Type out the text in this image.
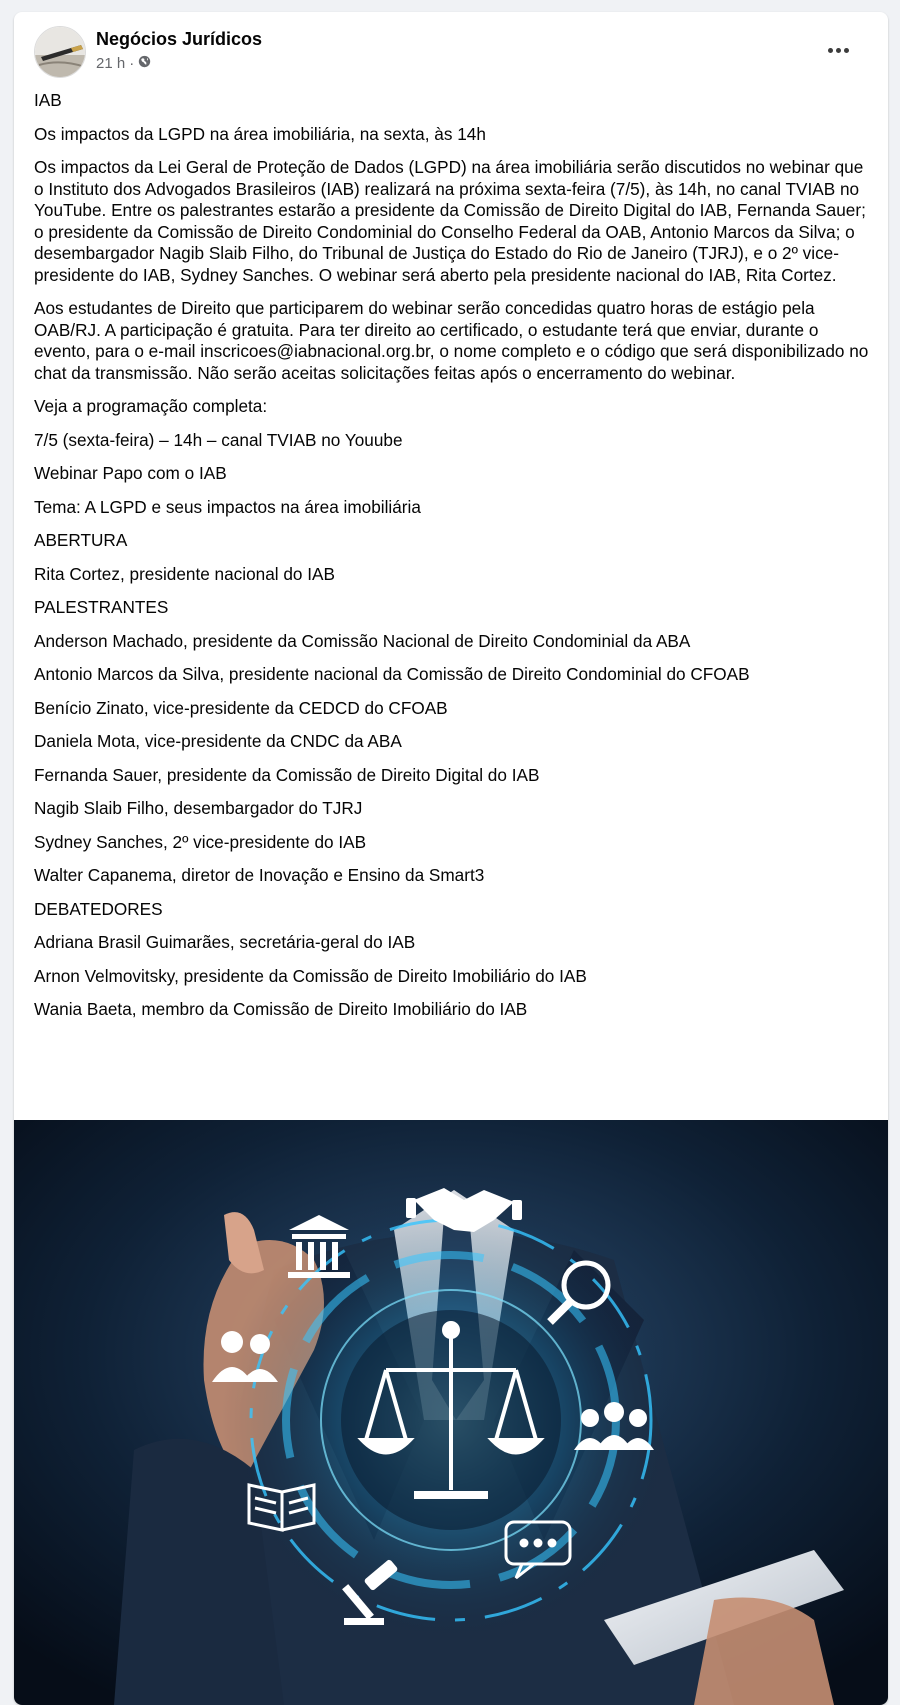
Negócios Jurídicos
21 h ·

IAB

Os impactos da LGPD na área imobiliária, na sexta, às 14h

Os impactos da Lei Geral de Proteção de Dados (LGPD) na área imobiliária serão discutidos no webinar que o Instituto dos Advogados Brasileiros (IAB) realizará na próxima sexta-feira (7/5), às 14h, no canal TVIAB no YouTube. Entre os palestrantes estarão a presidente da Comissão de Direito Digital do IAB, Fernanda Sauer; o presidente da Comissão de Direito Condominial do Conselho Federal da OAB, Antonio Marcos da Silva; o desembargador Nagib Slaib Filho, do Tribunal de Justiça do Estado do Rio de Janeiro (TJRJ), e o 2º vice-presidente do IAB, Sydney Sanches. O webinar será aberto pela presidente nacional do IAB, Rita Cortez.

Aos estudantes de Direito que participarem do webinar serão concedidas quatro horas de estágio pela OAB/RJ. A participação é gratuita. Para ter direito ao certificado, o estudante terá que enviar, durante o evento, para o e-mail inscricoes@iabnacional.org.br, o nome completo e o código que será disponibilizado no chat da transmissão. Não serão aceitas solicitações feitas após o encerramento do webinar.

Veja a programação completa:
7/5 (sexta-feira) – 14h – canal TVIAB no Youube
Webinar Papo com o IAB
Tema: A LGPD e seus impactos na área imobiliária
ABERTURA
Rita Cortez, presidente nacional do IAB
PALESTRANTES
Anderson Machado, presidente da Comissão Nacional de Direito Condominial da ABA
Antonio Marcos da Silva, presidente nacional da Comissão de Direito Condominial do CFOAB
Benício Zinato, vice-presidente da CEDCD do CFOAB
Daniela Mota, vice-presidente da CNDC da ABA
Fernanda Sauer, presidente da Comissão de Direito Digital do IAB
Nagib Slaib Filho, desembargador do TJRJ
Sydney Sanches, 2º vice-presidente do IAB
Walter Capanema, diretor de Inovação e Ensino da Smart3
DEBATEDORES
Adriana Brasil Guimarães, secretária-geral do IAB
Arnon Velmovitsky, presidente da Comissão de Direito Imobiliário do IAB
Wania Baeta, membro da Comissão de Direito Imobiliário do IAB
